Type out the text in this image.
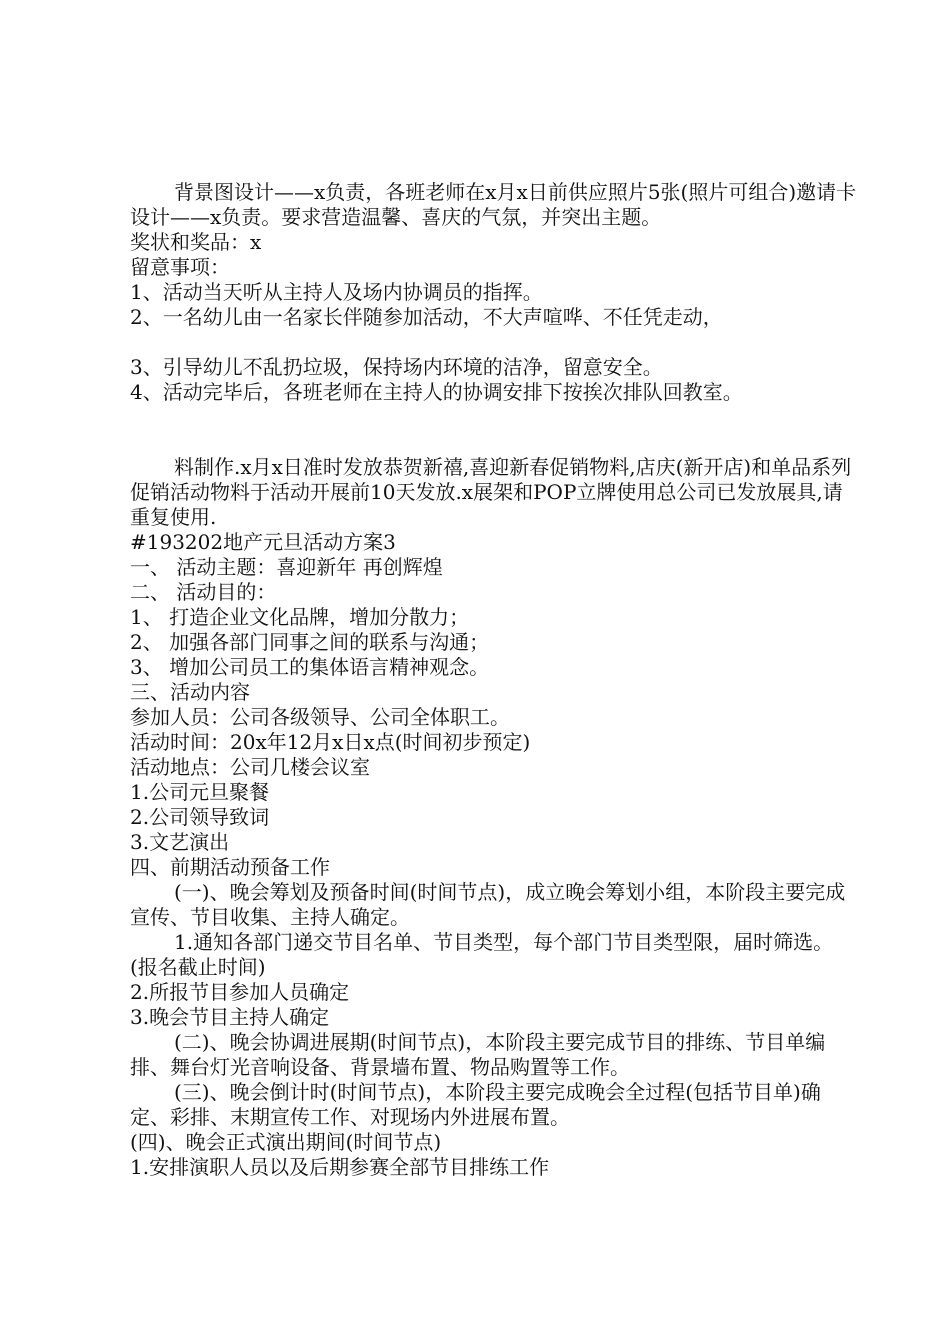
背景图设计——x负责，各班老师在x月x日前供应照片5张(照片可组合)邀请卡设计——x负责。要求营造温馨、喜庆的气氛，并突出主题。

奖状和奖品：x

留意事项：

1、活动当天听从主持人及场内协调员的指挥。

2、一名幼儿由一名家长伴随参加活动，不大声喧哗、不任凭走动，

3、引导幼儿不乱扔垃圾，保持场内环境的洁净，留意安全。

4、活动完毕后，各班老师在主持人的协调安排下按挨次排队回教室。

料制作.x月x日准时发放恭贺新禧,喜迎新春促销物料,店庆(新开店)和单品系列促销活动物料于活动开展前10天发放.x展架和POP立牌使用总公司已发放展具,请重复使用.

#193202地产元旦活动方案3

一、 活动主题：喜迎新年 再创辉煌

二、 活动目的：

1、 打造企业文化品牌，增加分散力；

2、 加强各部门同事之间的联系与沟通；

3、 增加公司员工的集体语言精神观念。

三、活动内容

参加人员：公司各级领导、公司全体职工。

活动时间：20x年12月x日x点(时间初步预定)

活动地点：公司几楼会议室

1.公司元旦聚餐

2.公司领导致词

3.文艺演出

四、前期活动预备工作

(一)、晚会筹划及预备时间(时间节点)，成立晚会筹划小组，本阶段主要完成宣传、节目收集、主持人确定。

1.通知各部门递交节目名单、节目类型，每个部门节目类型限，届时筛选。(报名截止时间)

2.所报节目参加人员确定

3.晚会节目主持人确定

(二)、晚会协调进展期(时间节点)，本阶段主要完成节目的排练、节目单编排、舞台灯光音响设备、背景墙布置、物品购置等工作。

(三)、晚会倒计时(时间节点)，本阶段主要完成晚会全过程(包括节目单)确定、彩排、末期宣传工作、对现场内外进展布置。

(四)、晚会正式演出期间(时间节点)

1.安排演职人员以及后期参赛全部节目排练工作
